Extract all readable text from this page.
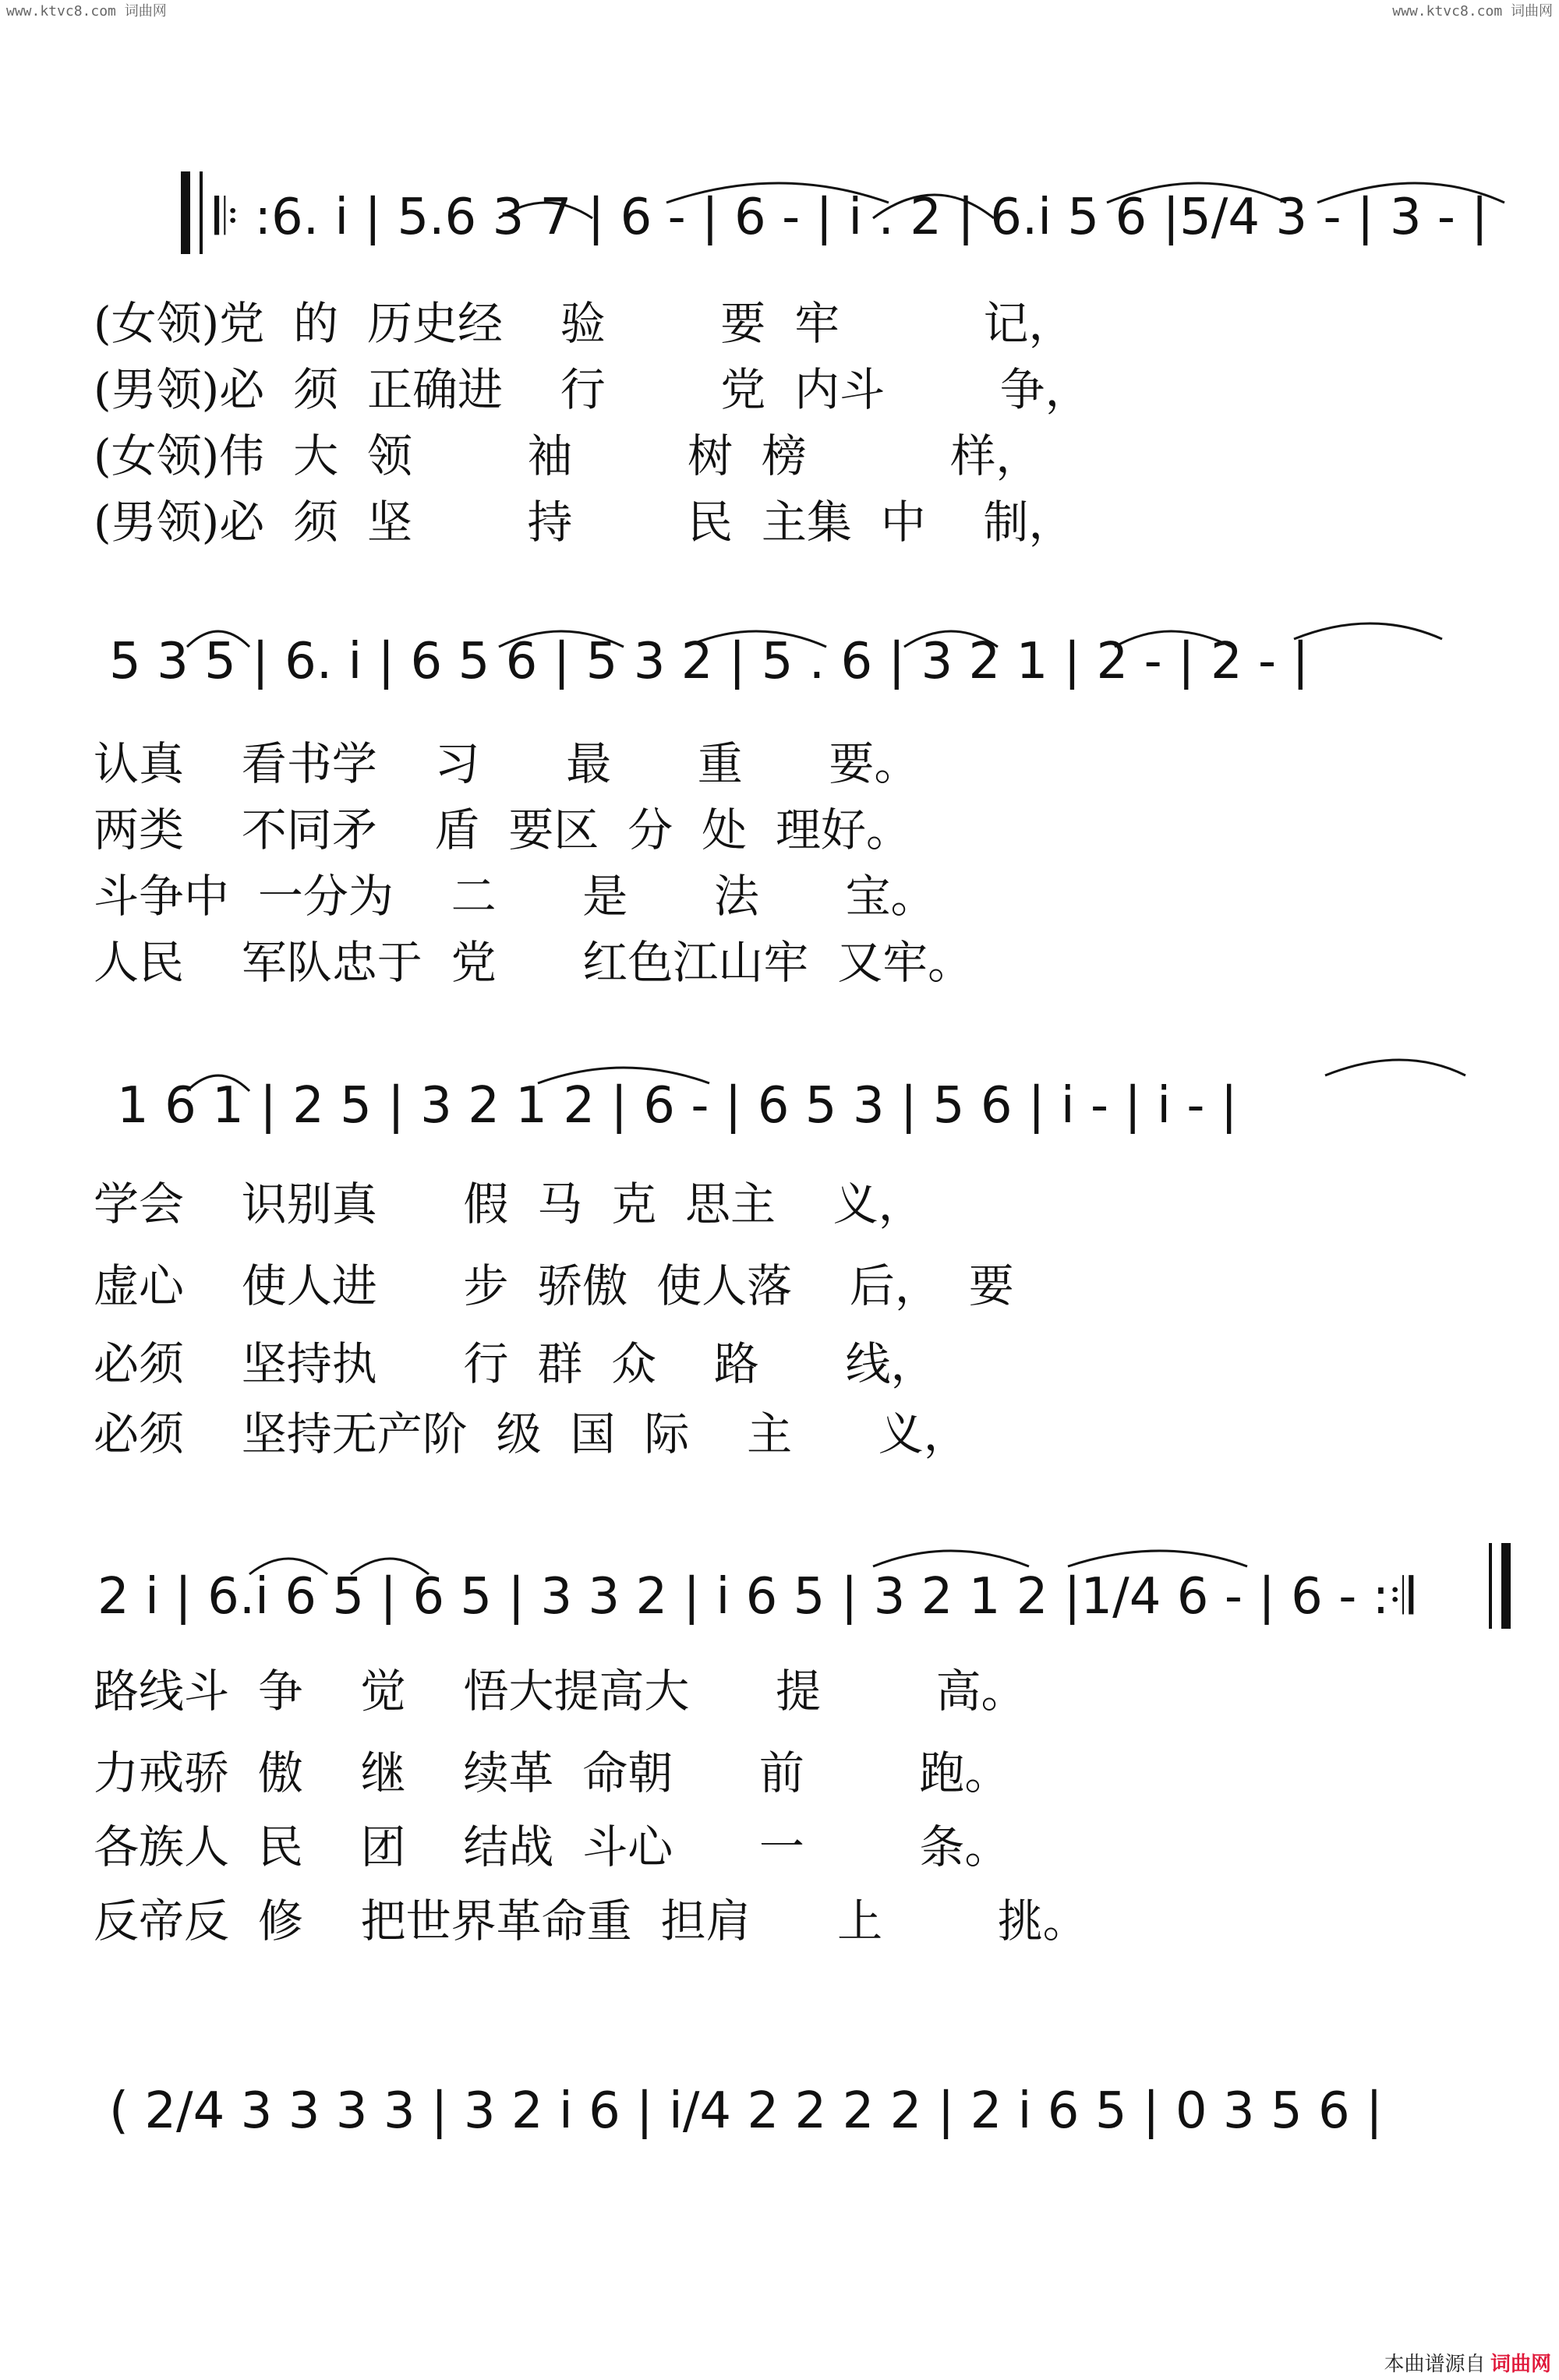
www.ktvc8.com 词曲网	www.ktvc8.com 词曲网
𝄆 :6. i | 5.6 3 7 | 6 - | 6 - | i . 2 | 6.i 5 6 |5/4 3 - | 3 - |
(女领)党  的  历史经    验        要  牢          记，
(男领)必  须  正确进    行        党  内斗        争，
(女领)伟  大  领        袖        树  榜          样，
(男领)必  须  坚        持        民  主集  中    制，
5 3 5 | 6. i | 6 5 6 | 5 3 2 | 5 . 6 | 3 2 1 | 2 - | 2 - |
认真    看书学    习      最      重      要。
两类    不同矛    盾  要区  分  处  理好。
斗争中  一分为    二      是      法      宝。
人民    军队忠于  党      红色江山牢  又牢。
1 6 1 | 2 5 | 3 2 1 2 | 6 - | 6 5 3 | 5 6 | i - | i - |
学会    识别真      假  马  克  思主    义，
虚心    使人进      步  骄傲  使人落    后，  要
必须    坚持执      行  群  众    路      线，
必须    坚持无产阶  级  国  际    主      义，
2 i | 6.i 6 5 | 6 5 | 3 3 2 | i 6 5 | 3 2 1 2 |1/4 6 - | 6 - :𝄇
路线斗  争    觉    悟大提高大      提        高。
力戒骄  傲    继    续革  命朝      前        跑。
各族人  民    团    结战  斗心      一        条。
反帝反  修    把世界革命重  担肩      上        挑。
( 2/4 3 3 3 3 | 3 2 i 6 | i/4 2 2 2 2 | 2 i 6 5 | 0 3 5 6 |
本曲谱源自 词曲网
